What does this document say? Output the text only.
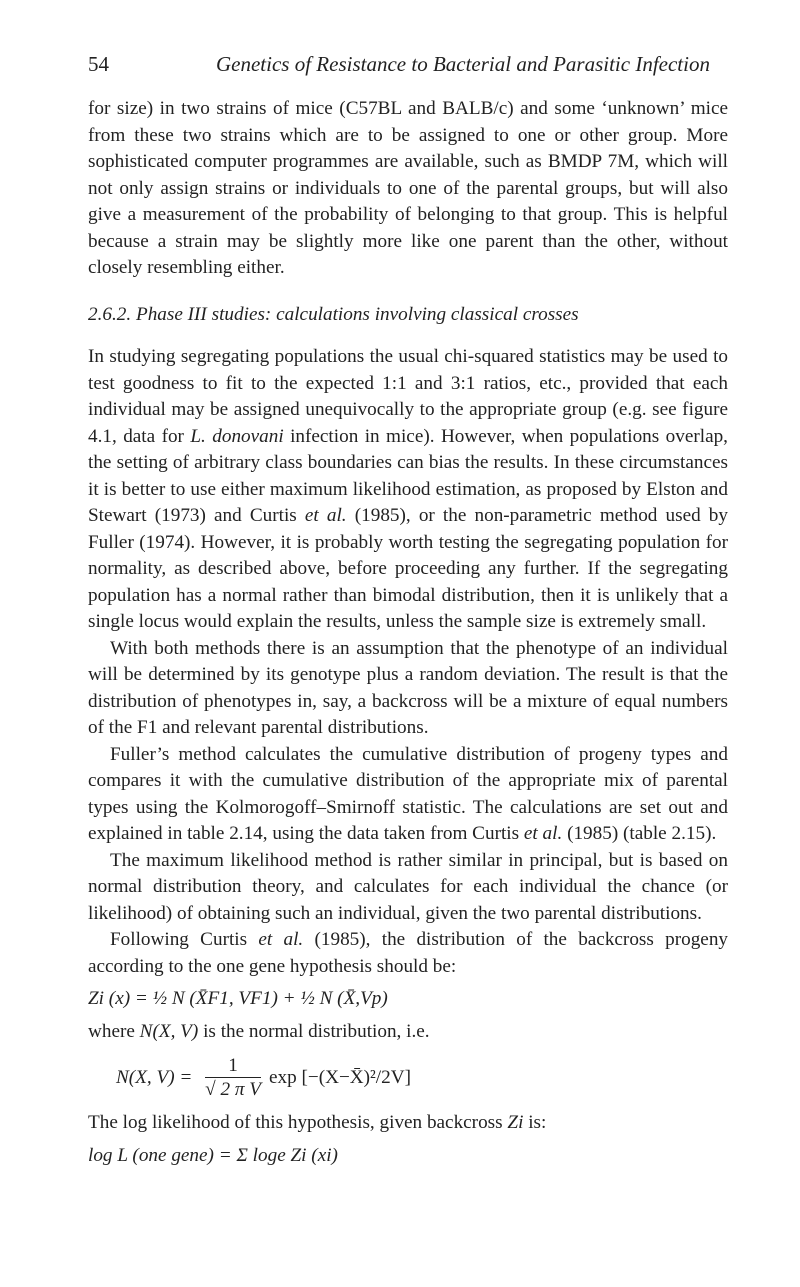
54	Genetics of Resistance to Bacterial and Parasitic Infection

for size) in two strains of mice (C57BL and BALB/c) and some ‘unknown’ mice from these two strains which are to be assigned to one or other group. More sophisticated computer programmes are available, such as BMDP 7M, which will not only assign strains or individuals to one of the parental groups, but will also give a measurement of the probability of belonging to that group. This is helpful because a strain may be slightly more like one parent than the other, without closely resembling either.

2.6.2. Phase III studies: calculations involving classical crosses

In studying segregating populations the usual chi-squared statistics may be used to test goodness to fit to the expected 1:1 and 3:1 ratios, etc., provided that each individual may be assigned unequivocally to the appropriate group (e.g. see figure 4.1, data for L. donovani infection in mice). However, when populations overlap, the setting of arbitrary class boundaries can bias the results. In these circumstances it is better to use either maximum likelihood estimation, as proposed by Elston and Stewart (1973) and Curtis et al. (1985), or the non-parametric method used by Fuller (1974). However, it is probably worth testing the segregating population for normality, as described above, before proceeding any further. If the segregating population has a normal rather than bimodal distribution, then it is unlikely that a single locus would explain the results, unless the sample size is extremely small.

With both methods there is an assumption that the phenotype of an individual will be determined by its genotype plus a random deviation. The result is that the distribution of phenotypes in, say, a backcross will be a mixture of equal numbers of the F1 and relevant parental distributions.

Fuller’s method calculates the cumulative distribution of progeny types and compares it with the cumulative distribution of the appropriate mix of parental types using the Kolmorogoff–Smirnoff statistic. The calculations are set out and explained in table 2.14, using the data taken from Curtis et al. (1985) (table 2.15).

The maximum likelihood method is rather similar in principal, but is based on normal distribution theory, and calculates for each individual the chance (or likelihood) of obtaining such an individual, given the two parental distributions.

Following Curtis et al. (1985), the distribution of the backcross progeny according to the one gene hypothesis should be:

Zi (x) = ½ N (X̄F1, VF1) + ½ N (X̄,Vp)

where N(X, V) is the normal distribution, i.e.

N(X, $V) = \frac{1}{\text{√ 2 π V}}$ exp [−(X−X̄)²/2V]

The log likelihood of this hypothesis, given backcross Zi is:

log L (one gene) = Σ loge Zi (xi)
